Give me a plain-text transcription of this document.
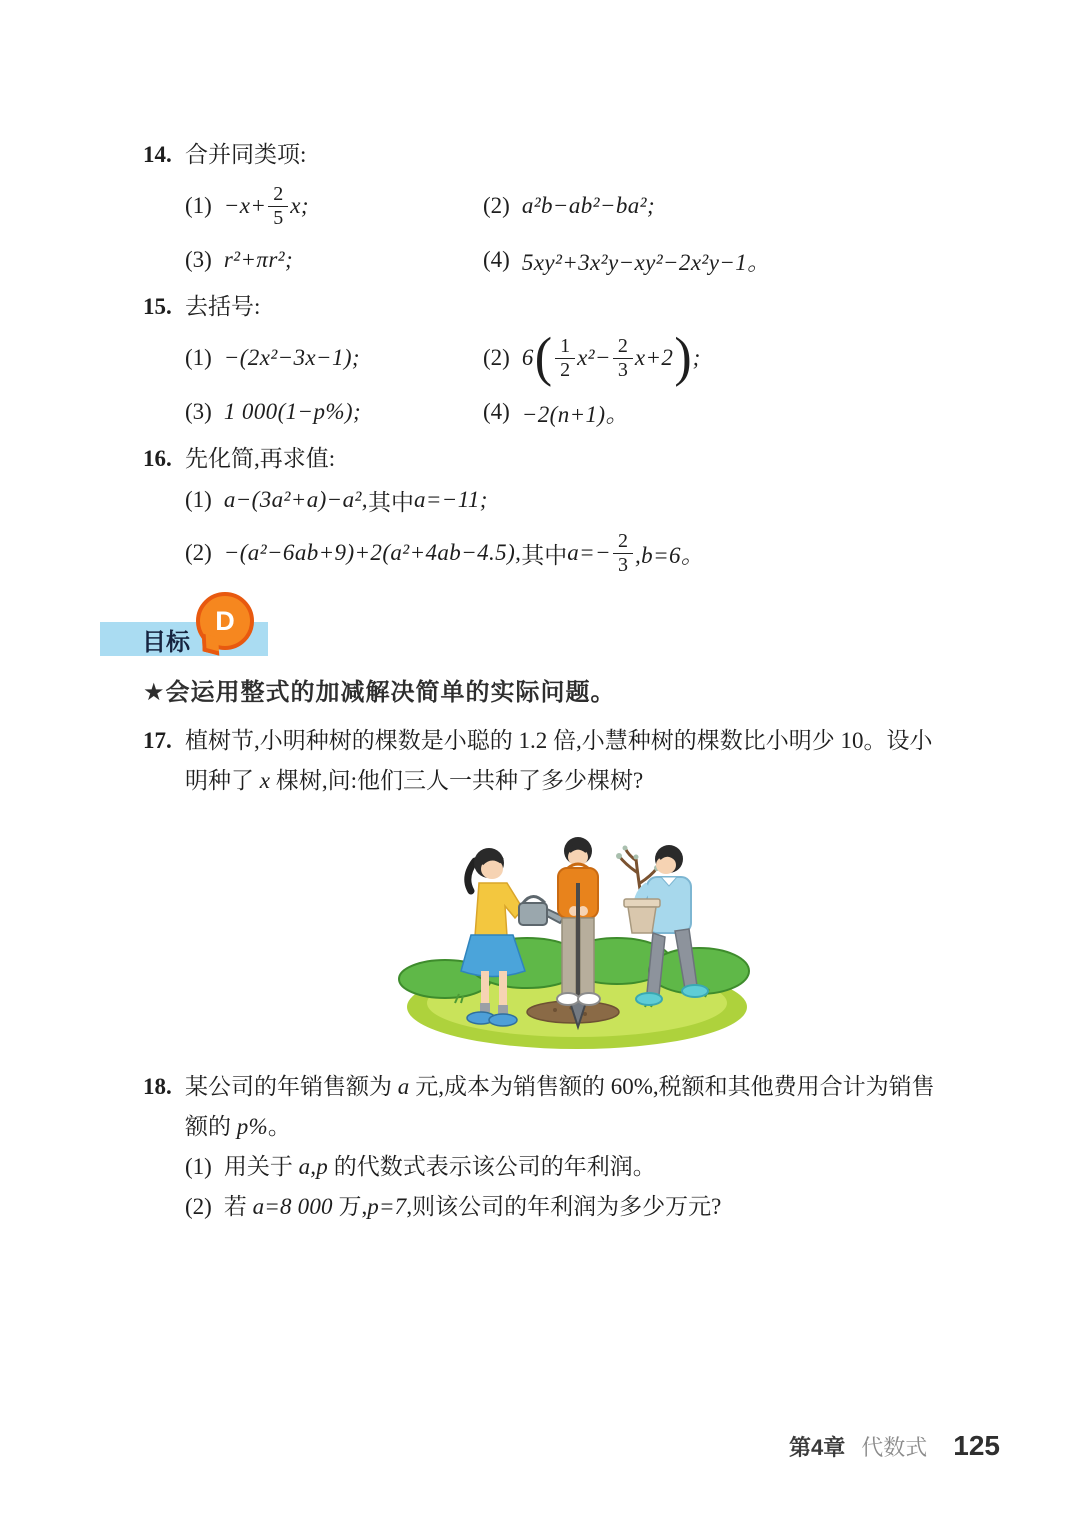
14. 合并同类项:
$(1) -x+ \frac{2}{5} x$;	(2) a²b−ab²−ba²;
(3) r²+πr²;	(4) 5xy²+3x²y−xy²−2x²y−1。
15. 去括号:
(1) −(2x²−3x−1);	(2) 6 ( $\frac{1}{2} x^2- \frac{2}{3} x+2$ ) ;
(3) 1 000(1−p%);	(4) −2(n+1)。
16. 先化简,再求值:
(1) a−(3a²+a)−a², 其中 a=−11;
(2) −(a²−6ab+9)+2(a²+4ab−4.5), 其中 $a=- \frac{2}{3} ,b=6$。
目标
D
★会运用整式的加减解决简单的实际问题。
17. 植树节,小明种树的棵数是小聪的 1.2 倍,小慧种树的棵数比小明少 10。设小
明种了 x 棵树,问:他们三人一共种了多少棵树?
18. 某公司的年销售额为 a 元,成本为销售额的 60%,税额和其他费用合计为销售
额的 p%。
(1) 用关于 a,p 的代数式表示该公司的年利润。
(2) 若 a=8 000 万,p=7,则该公司的年利润为多少万元?
第4章 代数式 125
